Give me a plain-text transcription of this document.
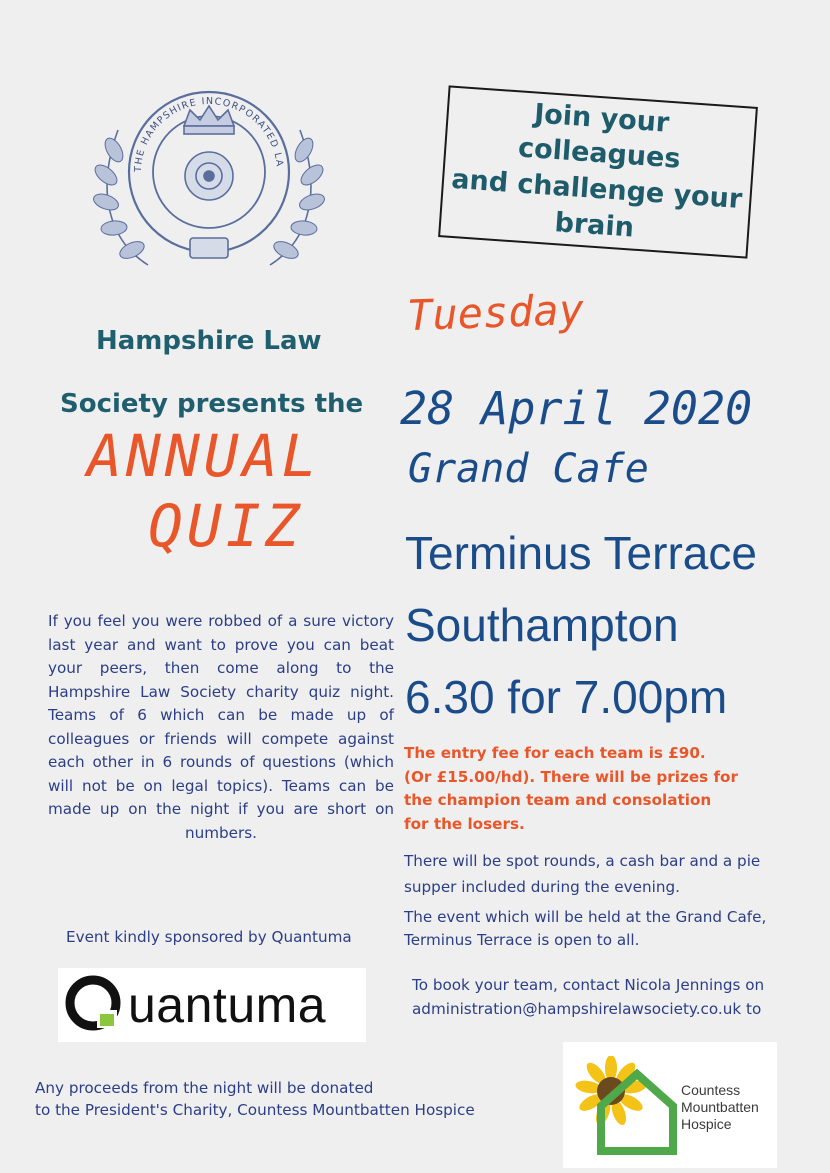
THE HAMPSHIRE INCORPORATED LA
Join your colleagues
and challenge your
brain
Hampshire Law
Society presents the
ANNUAL
QUIZ
Tuesday
28 April 2020
Grand Cafe
Terminus Terrace
Southampton
6.30 for 7.00pm
If you feel you were robbed of a sure victory last year and want to prove you can beat your peers, then come along to the Hampshire Law Society charity quiz night. Teams of 6 which can be made up of colleagues or friends will compete against each other in 6 rounds of questions (which will not be on legal topics). Teams can be made up on the night if you are short on numbers.
The entry fee for each team is £90.
(Or £15.00/hd). There will be prizes for
the champion team and consolation
for the losers.
There will be spot rounds, a cash bar and a pie
supper included during the evening.
The event which will be held at the Grand Cafe,
Terminus Terrace is open to all.
To book your team, contact Nicola Jennings on
administration@hampshirelawsociety.co.uk to
Event kindly sponsored by Quantuma
uantuma
Any proceeds from the night will be donated
to the President's Charity, Countess Mountbatten Hospice
Countess
Mountbatten
Hospice
